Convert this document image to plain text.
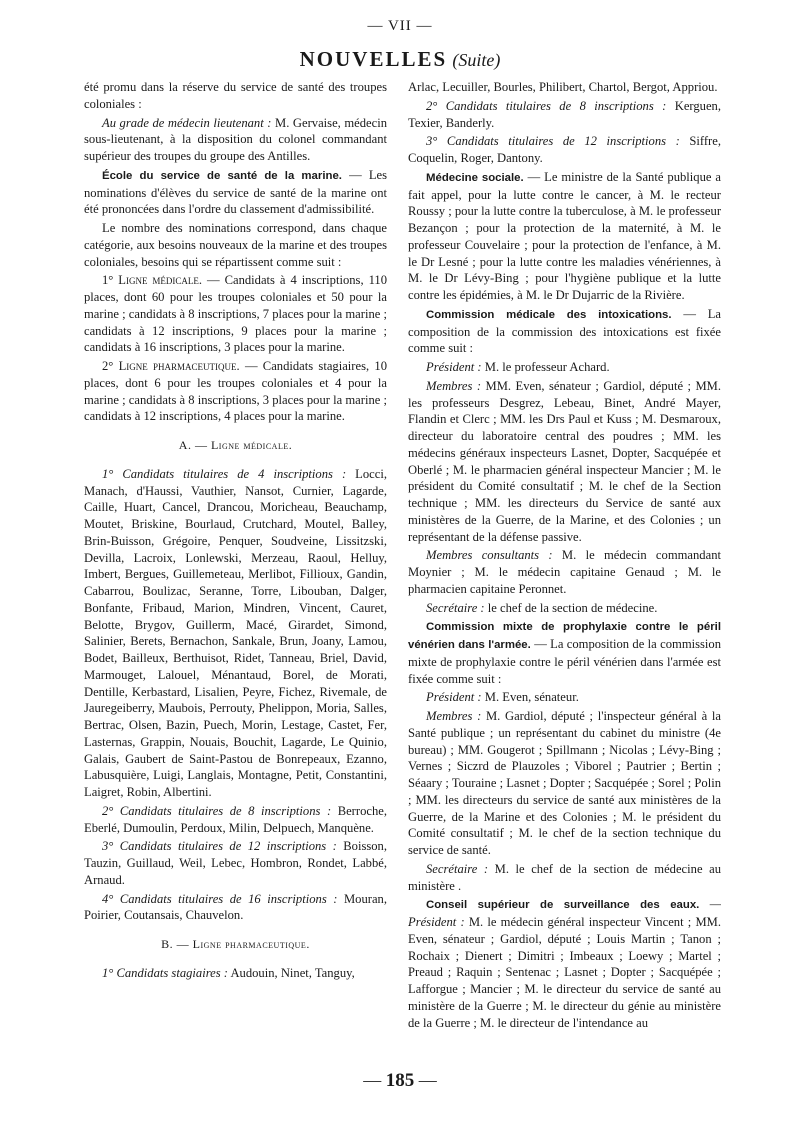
— VII —
NOUVELLES (Suite)

été promu dans la réserve du service de santé des troupes coloniales :

Au grade de médecin lieutenant : M. Gervaise, médecin sous-lieutenant, à la disposition du colonel commandant supérieur des troupes du groupe des Antilles.

École du service de santé de la marine. — Les nominations d'élèves du service de santé de la marine ont été prononcées dans l'ordre du classement d'admissibilité.

Le nombre des nominations correspond, dans chaque catégorie, aux besoins nouveaux de la marine et des troupes coloniales, besoins qui se répartissent comme suit :

1° Ligne médicale. — Candidats à 4 inscriptions, 110 places, dont 60 pour les troupes coloniales et 50 pour la marine ; candidats à 8 inscriptions, 7 places pour la marine ; candidats à 12 inscriptions, 9 places pour la marine ; candidats à 16 inscriptions, 3 places pour la marine.

2° Ligne pharmaceutique. — Candidats stagiaires, 10 places, dont 6 pour les troupes coloniales et 4 pour la marine ; candidats à 8 inscriptions, 3 places pour la marine ; candidats à 12 inscriptions, 4 places pour la marine.

A. — Ligne médicale.

1° Candidats titulaires de 4 inscriptions : Locci, Manach, d'Haussi, Vauthier, Nansot, Curnier, Lagarde, Caille, Huart, Cancel, Drancou, Moricheau, Beauchamp, Moutet, Briskine, Bourlaud, Crutchard, Moutel, Balley, Brin-Buisson, Grégoire, Penquer, Soudveine, Lissitzski, Devilla, Lacroix, Lonlewski, Merzeau, Raoul, Helluy, Imbert, Bergues, Guillemeteau, Merlibot, Fillioux, Gandin, Cabarrou, Boulizac, Seranne, Torre, Libouban, Dalger, Bonfante, Fribaud, Marion, Mindren, Vincent, Cauret, Belotte, Brygov, Guillerm, Macé, Girardet, Simond, Salinier, Berets, Bernachon, Sankale, Brun, Joany, Lamou, Bodet, Bailleux, Berthuisot, Ridet, Tanneau, Briel, David, Marmouget, Lalouel, Ménantaud, Borel, de Morati, Dentille, Kerbastard, Lisalien, Peyre, Fichez, Rivemale, de Jauregeiberry, Maubois, Perrouty, Phelippon, Moria, Salles, Bertrac, Olsen, Bazin, Puech, Morin, Lestage, Castet, Fer, Lasternas, Grappin, Nouais, Bouchit, Lagarde, Le Quinio, Galais, Gaubert de Saint-Pastou de Bonrepeaux, Ezanno, Labusquière, Luigi, Langlais, Montagne, Petit, Constantini, Laigret, Robin, Albertini.

2° Candidats titulaires de 8 inscriptions : Berroche, Eberlé, Dumoulin, Perdoux, Milin, Delpuech, Manquène.

3° Candidats titulaires de 12 inscriptions : Boisson, Tauzin, Guillaud, Weil, Lebec, Hombron, Rondet, Labbé, Arnaud.

4° Candidats titulaires de 16 inscriptions : Mouran, Poirier, Coutansais, Chauvelon.

B. — Ligne pharmaceutique.

1° Candidats stagiaires : Audouin, Ninet, Tanguy,

Arlac, Lecuiller, Bourles, Philibert, Chartol, Bergot, Appriou.

2° Candidats titulaires de 8 inscriptions : Kerguen, Texier, Banderly.

3° Candidats titulaires de 12 inscriptions : Siffre, Coquelin, Roger, Dantony.

Médecine sociale. — Le ministre de la Santé publique a fait appel, pour la lutte contre le cancer, à M. le recteur Roussy ; pour la lutte contre la tuberculose, à M. le professeur Bezançon ; pour la protection de la maternité, à M. le professeur Couvelaire ; pour la protection de l'enfance, à M. le Dr Lesné ; pour la lutte contre les maladies vénériennes, à M. le Dr Lévy-Bing ; pour l'hygiène publique et la lutte contre les épidémies, à M. le Dr Dujarric de la Rivière.

Commission médicale des intoxications. — La composition de la commission des intoxications est fixée comme suit :

Président : M. le professeur Achard.

Membres : MM. Even, sénateur ; Gardiol, député ; MM. les professeurs Desgrez, Lebeau, Binet, André Mayer, Flandin et Clerc ; MM. les Drs Paul et Kuss ; M. Desmaroux, directeur du laboratoire central des poudres ; MM. les médecins généraux inspecteurs Lasnet, Dopter, Sacquépée et Oberlé ; M. le pharmacien général inspecteur Mancier ; M. le président du Comité consultatif ; M. le chef de la Section technique ; MM. les directeurs du Service de santé aux ministères de la Guerre, de la Marine, et des Colonies ; un représentant de la défense passive.

Membres consultants : M. le médecin commandant Moynier ; M. le médecin capitaine Genaud ; M. le pharmacien capitaine Peronnet.

Secrétaire : le chef de la section de médecine.

Commission mixte de prophylaxie contre le péril vénérien dans l'armée. — La composition de la commission mixte de prophylaxie contre le péril vénérien dans l'armée est fixée comme suit :

Président : M. Even, sénateur.

Membres : M. Gardiol, député ; l'inspecteur général à la Santé publique ; un représentant du cabinet du ministre (4e bureau) ; MM. Gougerot ; Spillmann ; Nicolas ; Lévy-Bing ; Vernes ; Siczrd de Plauzoles ; Viborel ; Pautrier ; Bertin ; Séaary ; Touraine ; Lasnet ; Dopter ; Sacquépée ; Sorel ; Polin ; MM. les directeurs du service de santé aux ministères de la Guerre, de la Marine et des Colonies ; M. le président du Comité consultatif ; M. le chef de la section technique du service de santé.

Secrétaire : M. le chef de la section de médecine au ministère .

Conseil supérieur de surveillance des eaux. — Président : M. le médecin général inspecteur Vincent ; MM. Even, sénateur ; Gardiol, député ; Louis Martin ; Tanon ; Rochaix ; Dienert ; Dimitri ; Imbeaux ; Loewy ; Martel ; Preaud ; Raquin ; Sentenac ; Lasnet ; Dopter ; Sacquépée ; Lafforgue ; Mancier ; M. le directeur du service de santé au ministère de la Guerre ; M. le directeur du génie au ministère de la Guerre ; M. le directeur de l'intendance au

— 185 —
